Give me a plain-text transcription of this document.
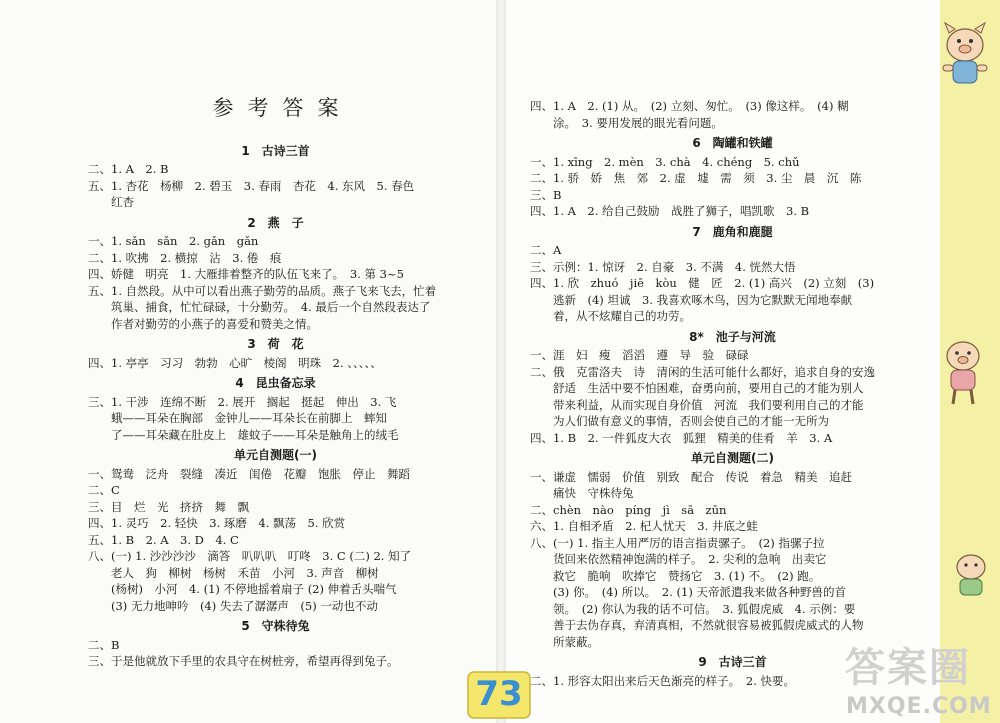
73
答案圈
MXQE.COM
参考答案
1　古诗三首
二、1. A　2. B
五、1. 杏花　杨柳　2. 碧玉　3. 春雨　杏花　4. 东风　5. 春色
　　红杏
2　燕　子
一、1. sǎn　sǎn　2. gǎn　gǎn
二、1. 吹拂　2. 横掠　沾　3. 倦　痕
四、娇健　明亮　1. 大雁排着整齐的队伍飞来了。　3. 第 3~5
五、1. 自然段。从中可以看出燕子勤劳的品质。燕子飞来飞去，忙着
　　筑巢、捕食，忙忙碌碌，十分勤劳。　4. 最后一个自然段表达了
　　作者对勤劳的小燕子的喜爱和赞美之情。
3　荷　花
四、1. 亭亭　习习　勃勃　心旷　棱阁　明珠　2. 、、、、、
4　昆虫备忘录
三、1. 干涉　连绵不断　2. 展开　搁起　挺起　伸出　3. 飞
　　蛾——耳朵在胸部　金钟儿——耳朵长在前脚上　蟀知
　　了——耳朵藏在肚皮上　雄蚊子——耳朵是触角上的绒毛
单元自测题(一)
一、鸳鸯　泛舟　裂缝　凑近　闺倦　花瓣　饱胀　停止　舞蹈
二、C
三、目　烂　光　挤挤　舞　飘
四、1. 灵巧　2. 轻快　3. 琢磨　4. 飘荡　5. 欣赏
五、1. B　2. A　3. D　4. C
八、(一) 1. 沙沙沙沙　滴答　叭叭叭　叮咚　3. C (二) 2. 知了
　　老人　狗　柳树　杨树　禾苗　小河　3. 声音　柳树
　　(杨树)　小河　4. (1) 不停地摇着扇子 (2) 伸着舌头喘气
　　(3) 无力地呻吟　(4) 失去了潺潺声　(5) 一动也不动
5　守株待兔
二、B
三、于是他就放下手里的农具守在树桩旁，希望再得到兔子。
四、1. A　2. (1) 从。　(2) 立刻、匆忙。　(3) 像这样。　(4) 糊
　　涂。　3. 要用发展的眼光看问题。
6　陶罐和铁罐
一、1. xīng　2. mèn　3. chà　4. chéng　5. chǔ
二、1. 骄　娇　焦　郊　2. 虚　墟　需　须　3. 尘　晨　沉　陈
三、B
四、1. A　2. 给自己鼓励　战胜了狮子，唱凯歌　3. B
7　鹿角和鹿腿
二、A
三、示例：1. 惊讶　2. 自豪　3. 不满　4. 恍然大悟
四、1. 欣　zhuó　jiē　kòu　健　匠　2. (1) 高兴　(2) 立刻　(3)
　　逃新　(4) 坦诚　3. 我喜欢啄木鸟，因为它默默无闻地奉献
　　着，从不炫耀自己的功劳。
8*　池子与河流
一、涯　妇　瘦　滔滔　遵　导　验　碌碌
二、俄　克雷洛夫　诗　清闲的生活可能什么都好，追求自身的安逸
　　舒适　生活中要不怕困难，奋勇向前，要用自己的才能为别人
　　带来利益，从而实现自身价值　河流　我们要利用自己的才能
　　为人们做有意义的事情，否则会使自己的才能一无所为
四、1. B　2. 一件狐皮大衣　狐狸　精美的佳肴　羊　3. A
单元自测题(二)
一、谦虚　懦弱　价值　别致　配合　传说　着急　精美　追赶
　　痛快　守株待兔
二、chèn　nào　píng　jì　sā　zūn
六、1. 自相矛盾　2. 杞人忧天　3. 井底之蛙
八、(一) 1. 指主人用严厉的语言指责骡子。　(2) 指骡子拉
　　货回来依然精神饱满的样子。　2. 尖利的急响　出卖它
　　救它　脆响　吹捧它　赞扬它　3. (1) 不。　(2) 跑。
　　(3) 你。　(4) 所以。　2. (1) 天帝派遣我来做各种野兽的首
　　领。　(2) 你认为我的话不可信。　3. 狐假虎威　4. 示例：要
　　善于去伪存真，弃清真相，不然就很容易被狐假虎威式的人物
　　所蒙蔽。
9　古诗三首
二、1. 形容太阳出来后天色渐亮的样子。　2. 快要。
